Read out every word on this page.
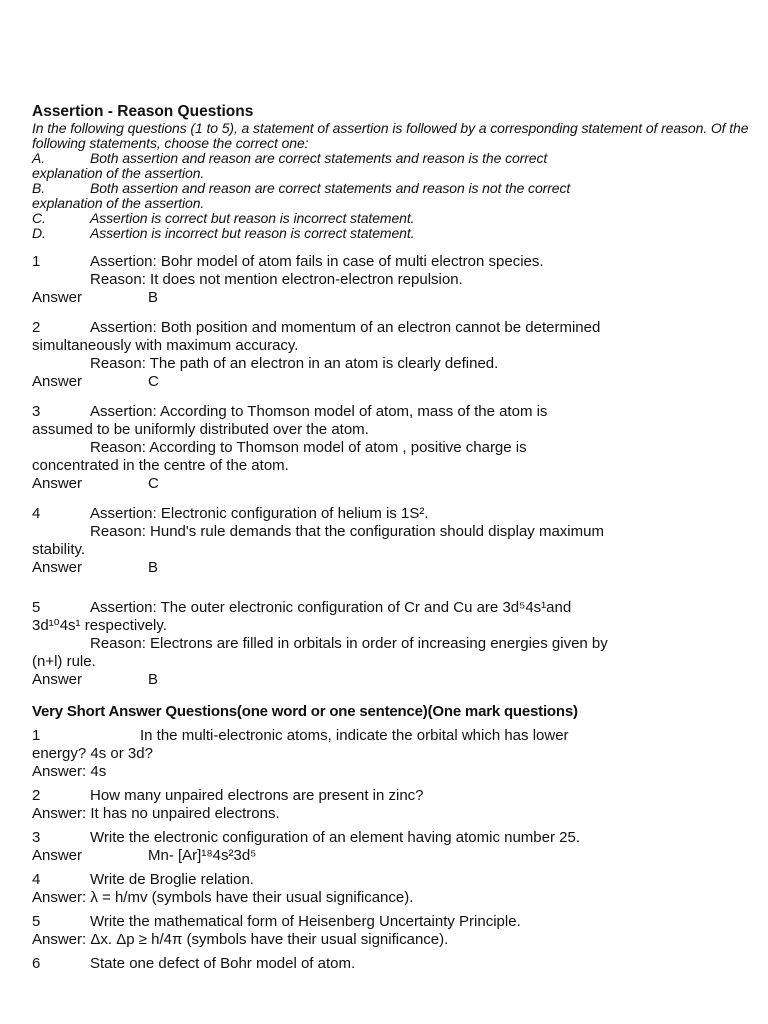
Assertion - Reason Questions
In the following questions (1 to 5), a statement of assertion is followed by a corresponding statement of reason. Of the following statements, choose the correct one:
A.	Both assertion and reason are correct statements and reason is the correct
explanation of the assertion.
B.	Both assertion and reason are correct statements and reason is not the correct
explanation of the assertion.
C.	Assertion is correct but reason is incorrect statement.
D.	Assertion is incorrect but reason is correct statement.
1	Assertion: Bohr model of atom fails in case of multi electron species.
Reason: It does not mention electron-electron repulsion.
Answer	B
2	Assertion: Both position and momentum of an electron cannot be determined
simultaneously with maximum accuracy.
Reason: The path of an electron in an atom is clearly defined.
Answer	C
3	Assertion: According to Thomson model of atom, mass of the atom is
assumed to be uniformly distributed over the atom.
Reason: According to Thomson model of atom , positive charge is
concentrated in the centre of the atom.
Answer	C
4	Assertion: Electronic configuration of helium is 1S².
Reason: Hund's rule demands that the configuration should display maximum
stability.
Answer	B
5	Assertion: The outer electronic configuration of Cr and Cu are 3d⁵4s¹and
3d¹⁰4s¹ respectively.
Reason: Electrons are filled in orbitals in order of increasing energies given by
(n+l) rule.
Answer	B
Very Short Answer Questions(one word or one sentence)(One mark questions)
1	In the multi-electronic atoms, indicate the orbital which has lower
energy? 4s or 3d?
Answer: 4s
2	How many unpaired electrons are present in zinc?
Answer: It has no unpaired electrons.
3	Write the electronic configuration of an element having atomic number 25.
Answer	Mn- [Ar]¹⁸4s²3d⁵
4	Write de Broglie relation.
Answer: λ = h/mv (symbols have their usual significance).
5	Write the mathematical form of Heisenberg Uncertainty Principle.
Answer: Δx. Δp ≥ h/4π (symbols have their usual significance).
6	State one defect of Bohr model of atom.
